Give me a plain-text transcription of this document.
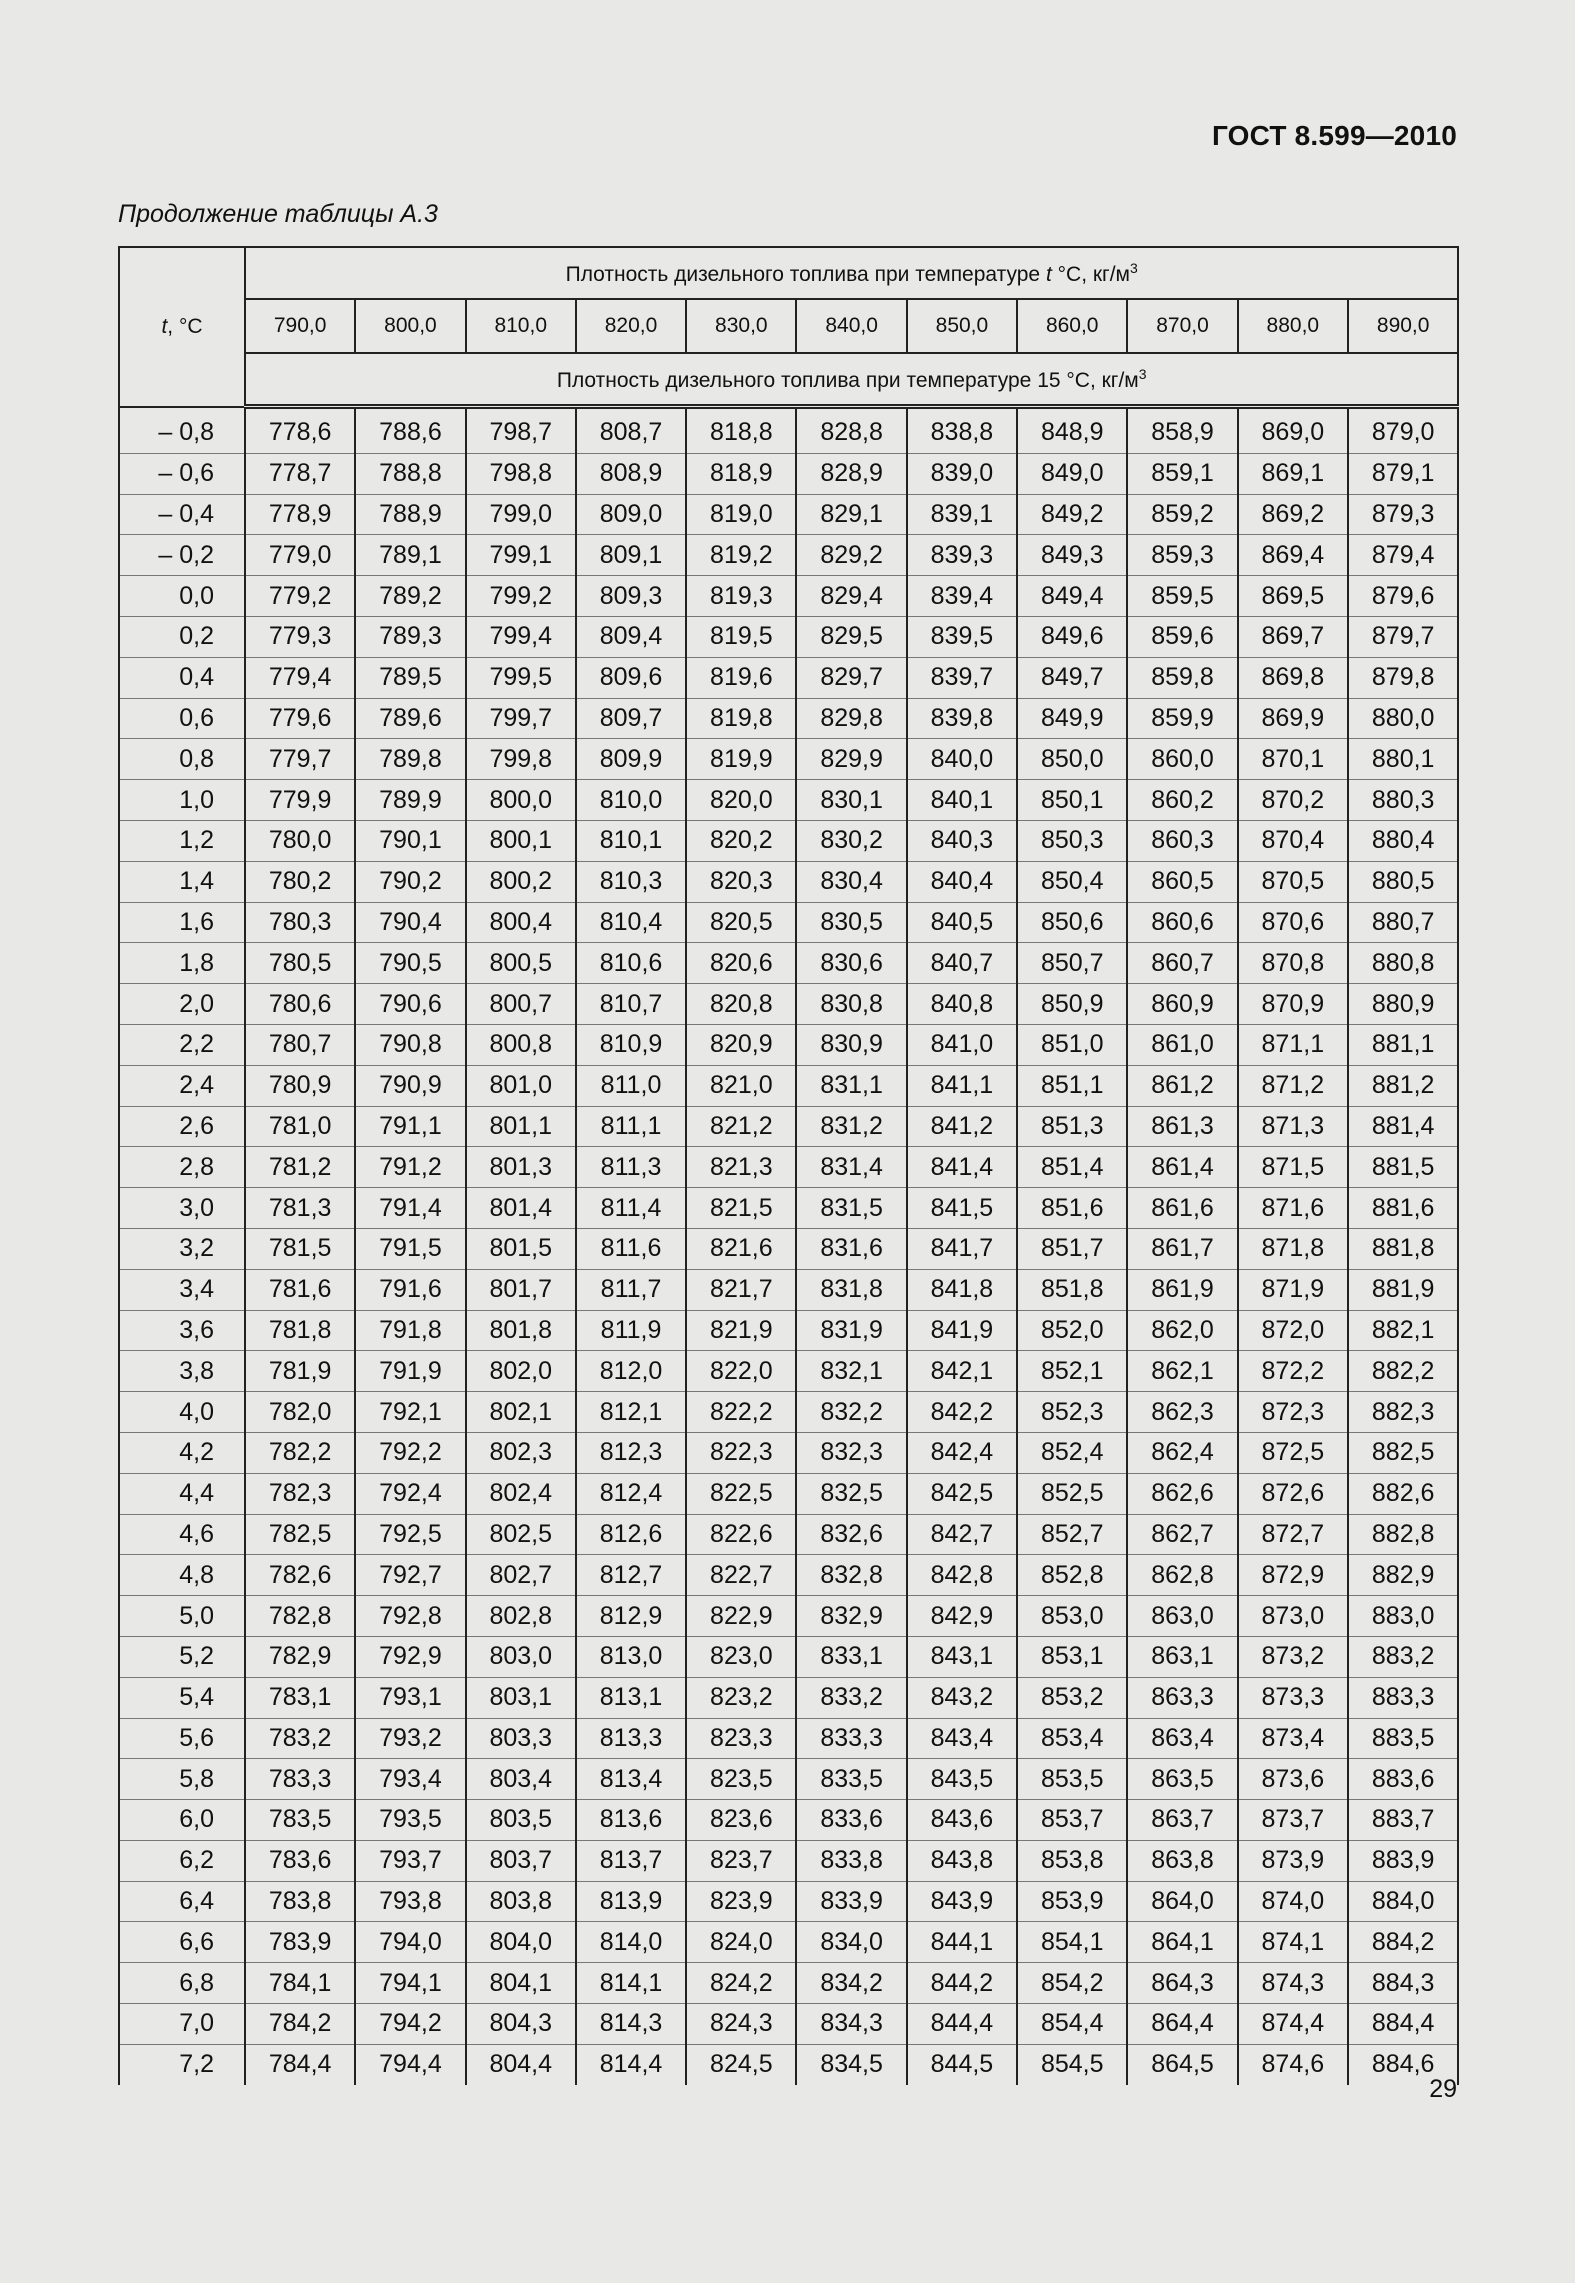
ГОСТ 8.599—2010
Продолжение таблицы А.3
t, °C	Плотность дизельного топлива при температуре t °C, $кг/м^3$
	790,0	800,0	810,0	820,0	830,0	840,0	850,0	860,0	870,0	880,0	890,0
	Плотность дизельного топлива при температуре 15 °C, $кг/м^3$
– 0,8	778,6	788,6	798,7	808,7	818,8	828,8	838,8	848,9	858,9	869,0	879,0
– 0,6	778,7	788,8	798,8	808,9	818,9	828,9	839,0	849,0	859,1	869,1	879,1
– 0,4	778,9	788,9	799,0	809,0	819,0	829,1	839,1	849,2	859,2	869,2	879,3
– 0,2	779,0	789,1	799,1	809,1	819,2	829,2	839,3	849,3	859,3	869,4	879,4
0,0	779,2	789,2	799,2	809,3	819,3	829,4	839,4	849,4	859,5	869,5	879,6
0,2	779,3	789,3	799,4	809,4	819,5	829,5	839,5	849,6	859,6	869,7	879,7
0,4	779,4	789,5	799,5	809,6	819,6	829,7	839,7	849,7	859,8	869,8	879,8
0,6	779,6	789,6	799,7	809,7	819,8	829,8	839,8	849,9	859,9	869,9	880,0
0,8	779,7	789,8	799,8	809,9	819,9	829,9	840,0	850,0	860,0	870,1	880,1
1,0	779,9	789,9	800,0	810,0	820,0	830,1	840,1	850,1	860,2	870,2	880,3
1,2	780,0	790,1	800,1	810,1	820,2	830,2	840,3	850,3	860,3	870,4	880,4
1,4	780,2	790,2	800,2	810,3	820,3	830,4	840,4	850,4	860,5	870,5	880,5
1,6	780,3	790,4	800,4	810,4	820,5	830,5	840,5	850,6	860,6	870,6	880,7
1,8	780,5	790,5	800,5	810,6	820,6	830,6	840,7	850,7	860,7	870,8	880,8
2,0	780,6	790,6	800,7	810,7	820,8	830,8	840,8	850,9	860,9	870,9	880,9
2,2	780,7	790,8	800,8	810,9	820,9	830,9	841,0	851,0	861,0	871,1	881,1
2,4	780,9	790,9	801,0	811,0	821,0	831,1	841,1	851,1	861,2	871,2	881,2
2,6	781,0	791,1	801,1	811,1	821,2	831,2	841,2	851,3	861,3	871,3	881,4
2,8	781,2	791,2	801,3	811,3	821,3	831,4	841,4	851,4	861,4	871,5	881,5
3,0	781,3	791,4	801,4	811,4	821,5	831,5	841,5	851,6	861,6	871,6	881,6
3,2	781,5	791,5	801,5	811,6	821,6	831,6	841,7	851,7	861,7	871,8	881,8
3,4	781,6	791,6	801,7	811,7	821,7	831,8	841,8	851,8	861,9	871,9	881,9
3,6	781,8	791,8	801,8	811,9	821,9	831,9	841,9	852,0	862,0	872,0	882,1
3,8	781,9	791,9	802,0	812,0	822,0	832,1	842,1	852,1	862,1	872,2	882,2
4,0	782,0	792,1	802,1	812,1	822,2	832,2	842,2	852,3	862,3	872,3	882,3
4,2	782,2	792,2	802,3	812,3	822,3	832,3	842,4	852,4	862,4	872,5	882,5
4,4	782,3	792,4	802,4	812,4	822,5	832,5	842,5	852,5	862,6	872,6	882,6
4,6	782,5	792,5	802,5	812,6	822,6	832,6	842,7	852,7	862,7	872,7	882,8
4,8	782,6	792,7	802,7	812,7	822,7	832,8	842,8	852,8	862,8	872,9	882,9
5,0	782,8	792,8	802,8	812,9	822,9	832,9	842,9	853,0	863,0	873,0	883,0
5,2	782,9	792,9	803,0	813,0	823,0	833,1	843,1	853,1	863,1	873,2	883,2
5,4	783,1	793,1	803,1	813,1	823,2	833,2	843,2	853,2	863,3	873,3	883,3
5,6	783,2	793,2	803,3	813,3	823,3	833,3	843,4	853,4	863,4	873,4	883,5
5,8	783,3	793,4	803,4	813,4	823,5	833,5	843,5	853,5	863,5	873,6	883,6
6,0	783,5	793,5	803,5	813,6	823,6	833,6	843,6	853,7	863,7	873,7	883,7
6,2	783,6	793,7	803,7	813,7	823,7	833,8	843,8	853,8	863,8	873,9	883,9
6,4	783,8	793,8	803,8	813,9	823,9	833,9	843,9	853,9	864,0	874,0	884,0
6,6	783,9	794,0	804,0	814,0	824,0	834,0	844,1	854,1	864,1	874,1	884,2
6,8	784,1	794,1	804,1	814,1	824,2	834,2	844,2	854,2	864,3	874,3	884,3
7,0	784,2	794,2	804,3	814,3	824,3	834,3	844,4	854,4	864,4	874,4	884,4
7,2	784,4	794,4	804,4	814,4	824,5	834,5	844,5	854,5	864,5	874,6	884,6
29
